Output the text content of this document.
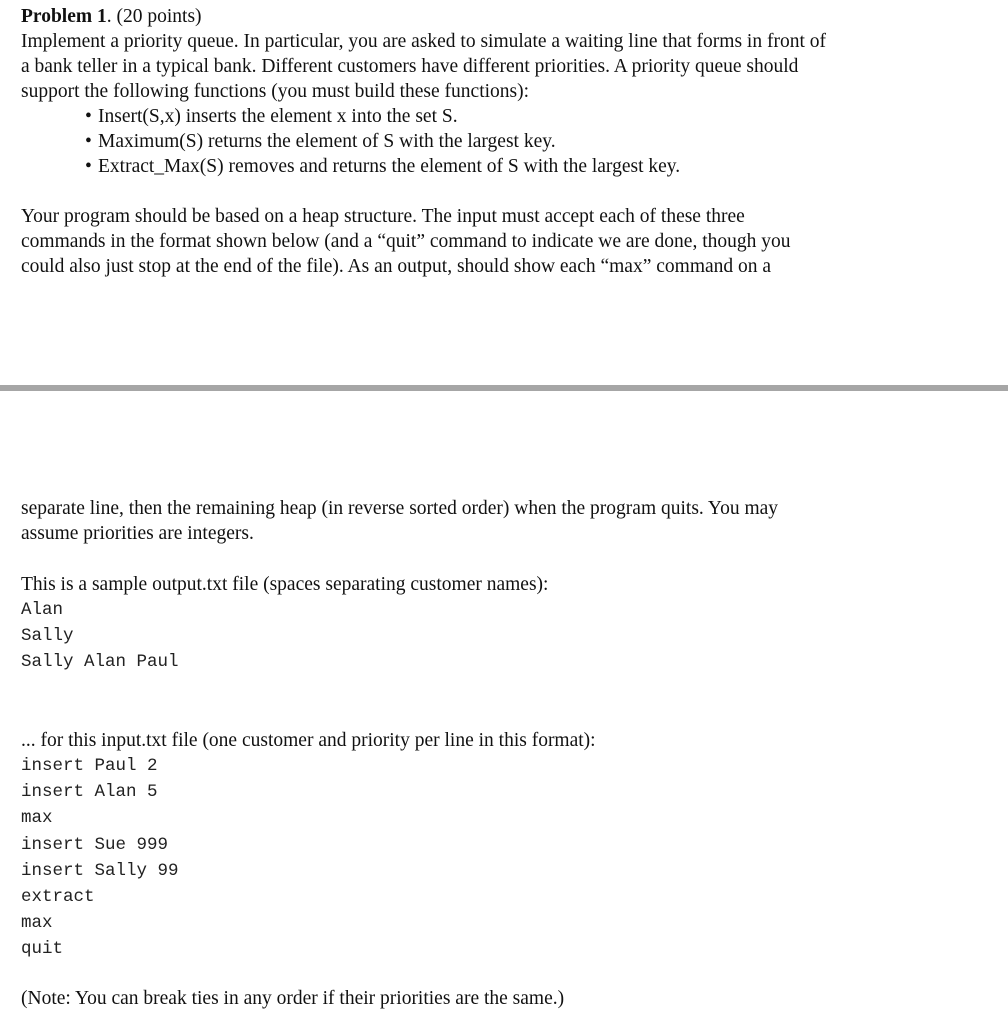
Problem 1. (20 points)
Implement a priority queue. In particular, you are asked to simulate a waiting line that forms in front of
a bank teller in a typical bank. Different customers have different priorities. A priority queue should
support the following functions (you must build these functions):
• Insert(S,x) inserts the element x into the set S.
• Maximum(S) returns the element of S with the largest key.
• Extract_Max(S) removes and returns the element of S with the largest key.
Your program should be based on a heap structure. The input must accept each of these three
commands in the format shown below (and a “quit” command to indicate we are done, though you
could also just stop at the end of the file). As an output, should show each “max” command on a
separate line, then the remaining heap (in reverse sorted order) when the program quits. You may
assume priorities are integers.
This is a sample output.txt file (spaces separating customer names):
Alan
Sally
Sally Alan Paul
... for this input.txt file (one customer and priority per line in this format):
insert Paul 2
insert Alan 5
max
insert Sue 999
insert Sally 99
extract
max
quit
(Note: You can break ties in any order if their priorities are the same.)
